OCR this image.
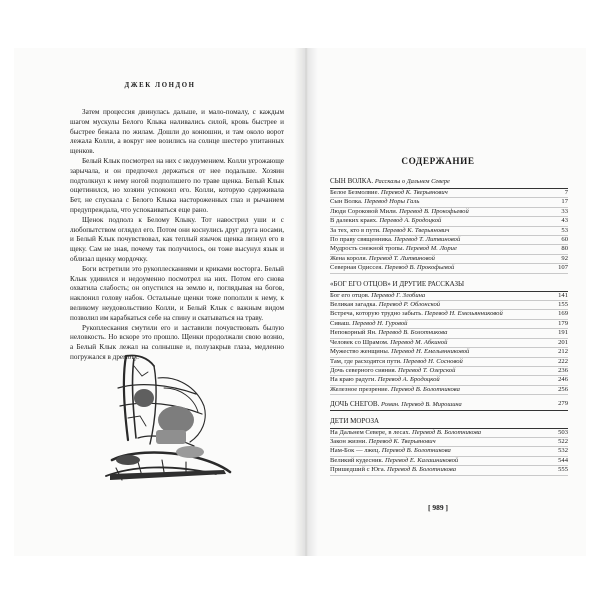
ДЖЕК ЛОНДОН

Затем процессия двинулась дальше, и мало-помалу, с каждым шагом мускулы Белого Клыка наливались силой, кровь быстрее и быстрее бежала по жилам. Дошли до конюшни, и там около ворот лежала Колли, а вокруг нее возились на солнце шестеро упитанных щенков.

Белый Клык посмотрел на них с недоумением. Колли угрожающе зарычала, и он предпочел держаться от нее подальше. Хозяин подтолкнул к нему ногой подползшего по траве щенка. Белый Клык ощетинился, но хозяин успокоил его. Колли, которую сдерживала Бет, не спускала с Белого Клыка настороженных глаз и рычанием предупреждала, что успокаиваться еще рано.

Щенок подполз к Белому Клыку. Тот навострил уши и с любопытством оглядел его. Потом они коснулись друг друга носами, и Белый Клык почувствовал, как теплый язычок щенка лизнул его в щеку. Сам не зная, почему так получилось, он тоже высунул язык и облизал щенку мордочку.

Боги встретили это рукоплесканиями и криками восторга. Белый Клык удивился и недоуменно посмотрел на них. Потом его снова охватила слабость; он опустился на землю и, поглядывая на богов, наклонил голову набок. Остальные щенки тоже поползли к нему, к великому неудовольствию Колли, и Белый Клык с важным видом позволил им карабкаться себе на спину и скатываться на траву.

Рукоплескания смутили его и заставили почувствовать былую неловкость. Но вскоре это прошло. Щенки продолжали свою возню, а Белый Клык лежал на солнышке и, полузакрыв глаза, медленно погружался в дремоту.

СОДЕРЖАНИЕ
СЫН ВОЛКА. Рассказы о Дальнем Севере
Белое Безмолвие. Перевод К. Тверьянович	7
Сын Волка. Перевод Норы Галь	17
Люди Сороковой Мили. Перевод В. Прокофьевой	33
В далеких краях. Перевод А. Бродоцкой	43
За тех, кто в пути. Перевод К. Тверьянович	53
По праву священника. Перевод Т. Литвиновой	60
Мудрость снежной тропы. Перевод М. Лорие	80
Жена короля. Перевод Т. Литвиновой	92
Северная Одиссея. Перевод В. Прокофьевой	107
«БОГ ЕГО ОТЦОВ» И ДРУГИЕ РАССКАЗЫ
Бог его отцов. Перевод Г. Злобина	141
Великая загадка. Перевод Р. Облонской	155
Встреча, которую трудно забыть. Перевод Н. Емельянниковой	169
Сиваш. Перевод Н. Гуровой	179
Непокорный Ян. Перевод В. Болотникова	191
Человек со Шрамом. Перевод М. Абкиной	201
Мужество женщины. Перевод Н. Емельянниковой	212
Там, где расходятся пути. Перевод Н. Сосновой	222
Дочь северного сияния. Перевод Т. Озерской	236
На краю радуги. Перевод А. Бродоцкой	246
Железное презрение. Перевод В. Болотникова	256
ДОЧЬ СНЕГОВ. Роман. Перевод В. Мирошина	279
ДЕТИ МОРОЗА
На Дальнем Севере, в лесах. Перевод В. Болотникова	503
Закон жизни. Перевод К. Тверьянович	522
Нам-Бок — лжец. Перевод В. Болотникова	532
Великий кудесник. Перевод Е. Калашниковой	544
Пришедший с Юга. Перевод В. Болотникова	555
[ 989 ]
